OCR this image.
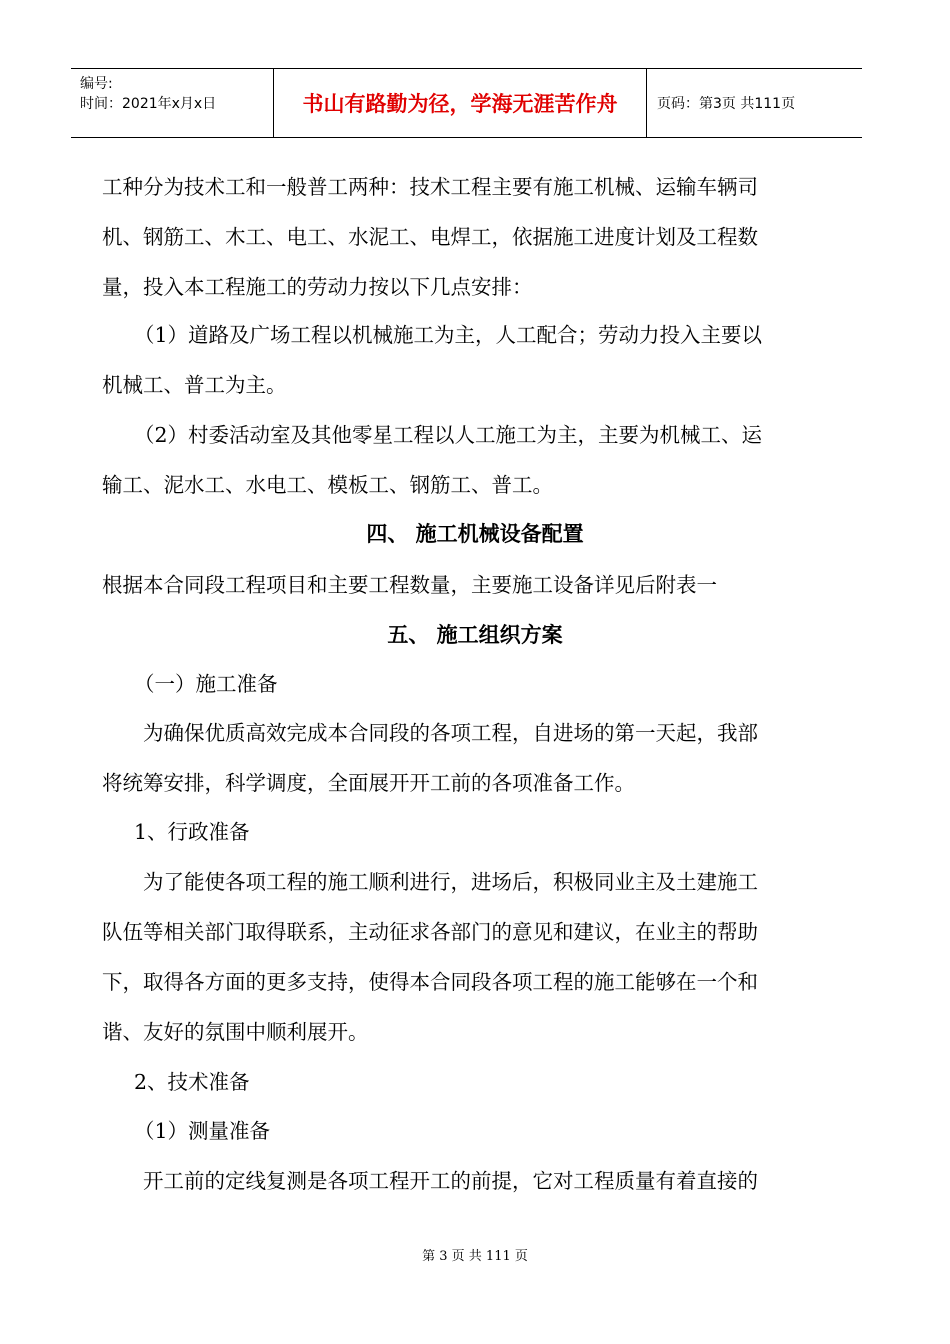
编号:
时间：2021年x月x日	书山有路勤为径，学海无涯苦作舟	页码：第3页 共111页
工种分为技术工和一般普工两种：技术工程主要有施工机械、运输车辆司
机、钢筋工、木工、电工、水泥工、电焊工，依据施工进度计划及工程数
量，投入本工程施工的劳动力按以下几点安排：
（1）道路及广场工程以机械施工为主，人工配合；劳动力投入主要以
机械工、普工为主。
（2）村委活动室及其他零星工程以人工施工为主，主要为机械工、运
输工、泥水工、水电工、模板工、钢筋工、普工。
四、 施工机械设备配置
根据本合同段工程项目和主要工程数量，主要施工设备详见后附表一
五、 施工组织方案
（一）施工准备
为确保优质高效完成本合同段的各项工程，自进场的第一天起，我部
将统筹安排，科学调度，全面展开开工前的各项准备工作。
1、行政准备
为了能使各项工程的施工顺利进行，进场后，积极同业主及土建施工
队伍等相关部门取得联系，主动征求各部门的意见和建议，在业主的帮助
下，取得各方面的更多支持，使得本合同段各项工程的施工能够在一个和
谐、友好的氛围中顺利展开。
2、技术准备
（1）测量准备
开工前的定线复测是各项工程开工的前提，它对工程质量有着直接的
第 3 页 共 111 页
